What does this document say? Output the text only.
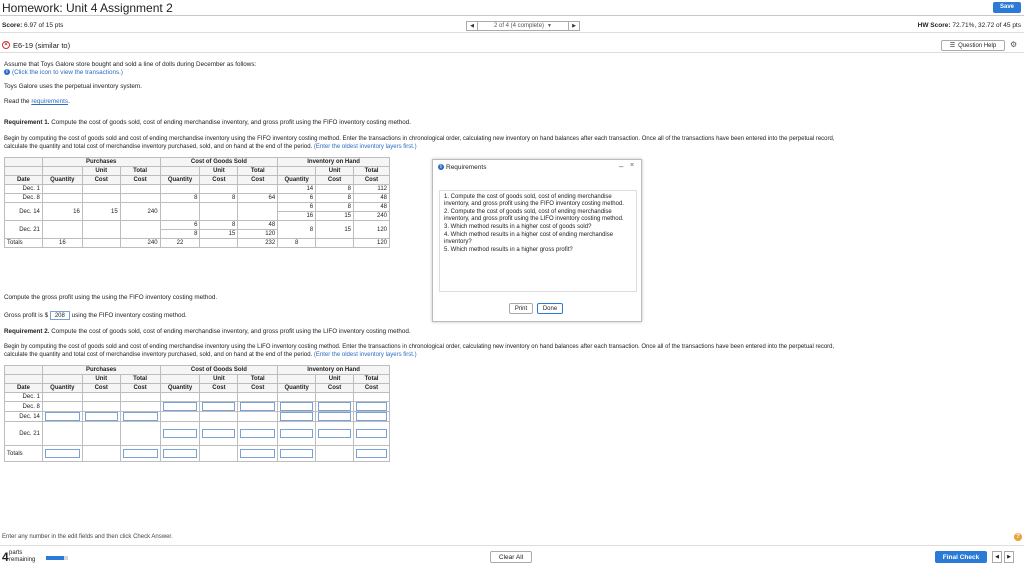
Homework: Unit 4 Assignment 2	Save
Score: 6.97 of 15 pts	◀	2 of 4 (4 complete) ▼	▶	HW Score: 72.71%, 32.72 of 45 pts
× E6-19 (similar to)	☰ Question Help ⚙
Assume that Toys Galore store bought and sold a line of dolls during December as follows:
i (Click the icon to view the transactions.)
Toys Galore uses the perpetual inventory system.
Read the requirements.
Requirement 1. Compute the cost of goods sold, cost of ending merchandise inventory, and gross profit using the FIFO inventory costing method.
Begin by computing the cost of goods sold and cost of ending merchandise inventory using the FIFO inventory costing method. Enter the transactions in chronological order, calculating new inventory on hand balances after each transaction. Once all of the transactions have been entered into the perpetual record,
calculate the quantity and total cost of merchandise inventory purchased, sold, and on hand at the end of the period. (Enter the oldest inventory layers first.)
	Purchases			Cost of Goods Sold			Inventory on Hand		
		Unit	Total		Unit	Total		Unit	Total
Date	Quantity	Cost	Cost	Quantity	Cost	Cost	Quantity	Cost	Cost
Dec. 1							14	8	112
Dec. 8				8	8	64	6	8	48
Dec. 14	16	15	240				6	8	48
							16	15	240
Dec. 21				6	8	48	8	15	120
				8	15	120			
Totals	16		240	22		232	8		120
Compute the gross profit using the using the FIFO inventory costing method.
Gross profit is $ 208 using the FIFO inventory costing method.
Requirement 2. Compute the cost of goods sold, cost of ending merchandise inventory, and gross profit using the LIFO inventory costing method.
Begin by computing the cost of goods sold and cost of ending merchandise inventory using the LIFO inventory costing method. Enter the transactions in chronological order, calculating new inventory on hand balances after each transaction. Once all of the transactions have been entered into the perpetual record,
calculate the quantity and total cost of merchandise inventory purchased, sold, and on hand at the end of the period. (Enter the oldest inventory layers first.)
	Purchases			Cost of Goods Sold			Inventory on Hand		
		Unit	Total		Unit	Total		Unit	Total
Date	Quantity	Cost	Cost	Quantity	Cost	Cost	Quantity	Cost	Cost
Dec. 1									
Dec. 8				

Dec. 14	

Dec. 21				

Totals	

i Requirements	– ×
1. Compute the cost of goods sold, cost of ending merchandise inventory, and gross profit using the FIFO inventory costing method.
2. Compute the cost of goods sold, cost of ending merchandise inventory, and gross profit using the LIFO inventory costing method.
3. Which method results in a higher cost of goods sold?
4. Which method results in a higher cost of ending merchandise inventory?
5. Which method results in a higher gross profit?
Print	Done
Enter any number in the edit fields and then click Check Answer.	?
4 parts
remaining	Clear All	Final Check	◀ ▶
